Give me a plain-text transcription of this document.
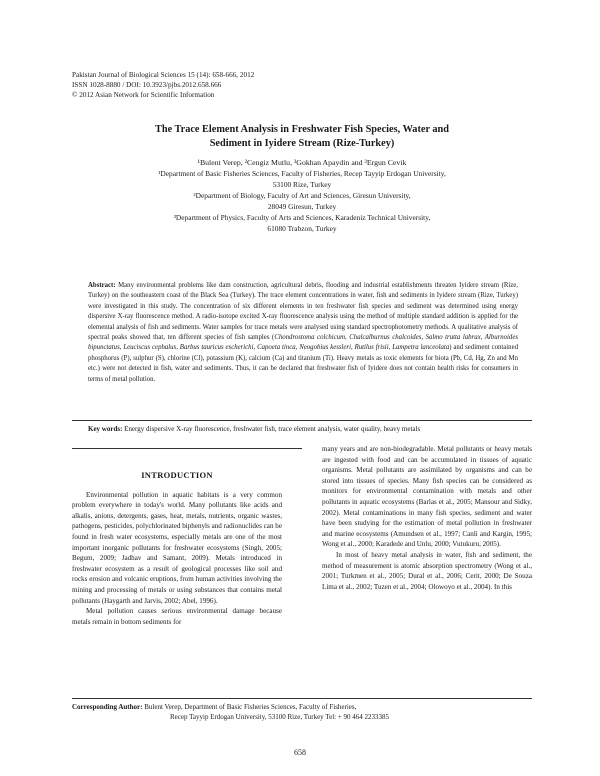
Pakistan Journal of Biological Sciences 15 (14): 658-666, 2012
ISSN 1028-8880 / DOI: 10.3923/pjbs.2012.658.666
© 2012 Asian Network for Scientific Information
The Trace Element Analysis in Freshwater Fish Species, Water and
Sediment in Iyidere Stream (Rize-Turkey)
¹Bulent Verep, ²Cengiz Mutlu, ³Gokhan Apaydin and ³Ergun Cevik
¹Department of Basic Fisheries Sciences, Faculty of Fisheries, Recep Tayyip Erdogan University,
53100 Rize, Turkey
²Department of Biology, Faculty of Art and Sciences, Giresun University,
28049 Giresun, Turkey
³Department of Physics, Faculty of Arts and Sciences, Karadeniz Technical University,
61080 Trabzon, Turkey
Abstract: Many environmental problems like dam construction, agricultural debris, flooding and industrial establishments threaten Iyidere stream (Rize, Turkey) on the southeastern coast of the Black Sea (Turkey). The trace element concentrations in water, fish and sediments in Iyidere stream (Rize, Turkey) were investigated in this study. The concentration of six different elements in ten freshwater fish species and sediment was determined using energy dispersive X-ray fluorescence method. A radio-isotope excited X-ray fluorescence analysis using the method of multiple standard addition is applied for the elemental analysis of fish and sediments. Water samples for trace metals were analysed using standard spectrophotometry methods. A qualitative analysis of spectral peaks showed that, ten different species of fish samples (Chondrostoma colchicum, Chalcalburnus chalcoides, Salmo trutta labrax, Alburnoides bipunctatus, Leuciscus cephalus, Barbus tauricus escherichi, Capoeta tinca, Neogobius kessleri, Rutilus frisii, Lampetra lanceolata) and sediment contained phosphorus (P), sulphur (S), chlorine (Cl), potassium (K), calcium (Ca) and titanium (Ti). Heavy metals as toxic elements for biota (Pb, Cd, Hg, Zn and Mn etc.) were not detected in fish, water and sediments. Thus, it can be declared that freshwater fish of Iyidere does not contain health risks for consumers in terms of metal pollution.
Key words: Energy dispersive X-ray fluorescence, freshwater fish, trace element analysis, water quality, heavy metals
INTRODUCTION

Environmental pollution in aquatic habitats is a very common problem everywhere in today's world. Many pollutants like acids and alkalis, anions, detergents, gases, heat, metals, nutrients, organic wastes, pathogens, pesticides, polychlorinated biphenyls and radionuclides can be found in fresh water ecosystems, especially metals are one of the most important inorganic pollutants for freshwater ecosystems (Singh, 2005; Begum, 2009; Jadhav and Samant, 2009). Metals introduced in freshwater ecosystem as a result of geological processes like soil and rocks erosion and volcanic eruptions, from human activities involving the mining and processing of metals or using substances that contains metal pollutants (Haygarth and Jarvis, 2002; Abel, 1996).

Metal pollution causes serious environmental damage because metals remain in bottom sediments for

many years and are non-biodegradable. Metal pollutants or heavy metals are ingested with food and can be accumulated in tissues of aquatic organisms. Metal pollutants are assimilated by organisms and can be stored into tissues of species. Many fish species can be considered as monitors for environmental contamination with metals and other pollutants in aquatic ecosystems (Barlas et al., 2005; Mansour and Sidky, 2002). Metal contaminations in many fish species, sediment and water have been studying for the estimation of metal pollution in freshwater and marine ecosystems (Amundsen et al., 1997; Canli and Kargin, 1995; Wong et al., 2000; Karadede and Unlu, 2000; Vutukuru, 2005).

In most of heavy metal analysis in water, fish and sediment, the method of measurement is atomic absorption spectrometry (Wong et al., 2001; Turkmen et al., 2005; Dural et al., 2006; Cerit, 2000; De Souza Lima et al., 2002; Tuzen et al., 2004; Olowoyo et al., 2004). In this

Corresponding Author: Bulent Verep, Department of Basic Fisheries Sciences, Faculty of Fisheries,
Recep Tayyip Erdogan University, 53100 Rize, Turkey Tel: + 90 464 2233385
658
